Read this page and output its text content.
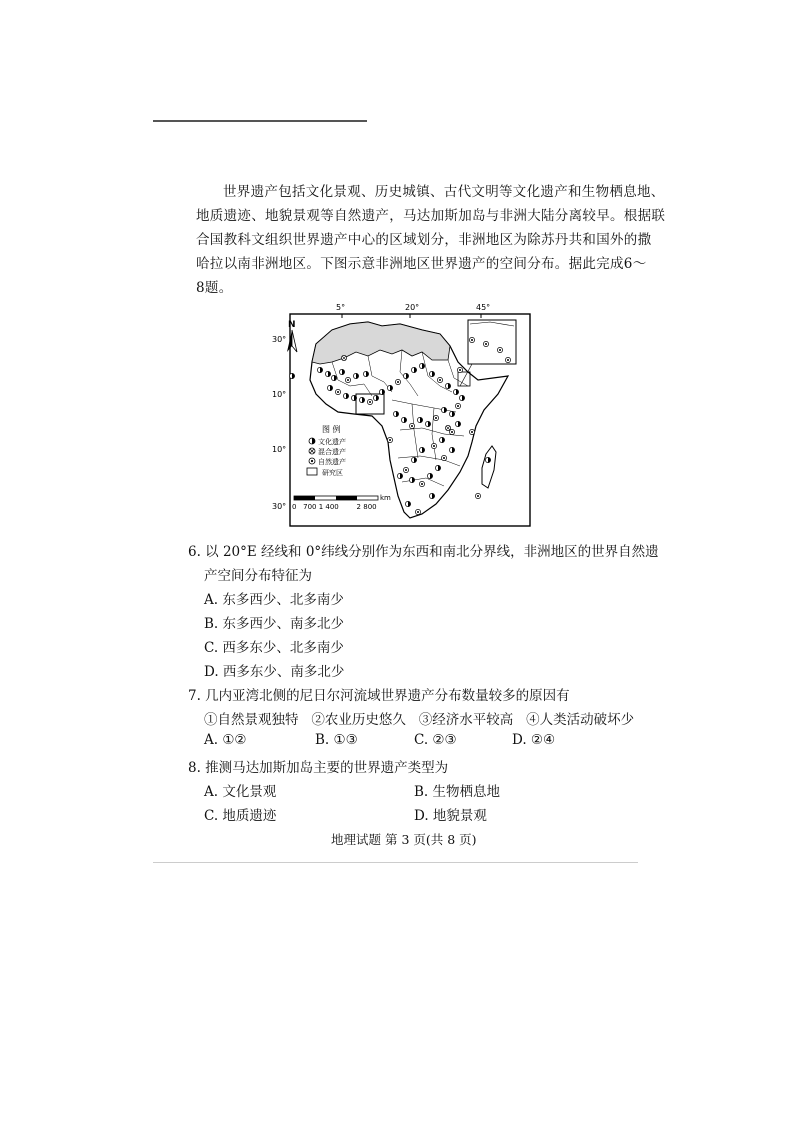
世界遗产包括文化景观、历史城镇、古代文明等文化遗产和生物栖息地、
地质遗迹、地貌景观等自然遗产，马达加斯加岛与非洲大陆分离较早。根据联
合国教科文组织世界遗产中心的区域划分，非洲地区为除苏丹共和国外的撒
哈拉以南非洲地区。下图示意非洲地区世界遗产的空间分布。据此完成6～
8题。
5°	20°	45°
30°
10°
10°
30°
N
图 例
文化遗产
混合遗产
自然遗产
研究区
km
0   700 1 400        2 800
6. 以 20°E 经线和 0°纬线分别作为东西和南北分界线，非洲地区的世界自然遗
产空间分布特征为
A. 东多西少、北多南少
B. 东多西少、南多北少
C. 西多东少、北多南少
D. 西多东少、南多北少
7. 几内亚湾北侧的尼日尔河流域世界遗产分布数量较多的原因有
①自然景观独特   ②农业历史悠久   ③经济水平较高   ④人类活动破坏少
A. ①②	B. ①③	C. ②③	D. ②④
8. 推测马达加斯加岛主要的世界遗产类型为
A. 文化景观	B. 生物栖息地
C. 地质遗迹	D. 地貌景观
地理试题 第 3 页(共 8 页)
